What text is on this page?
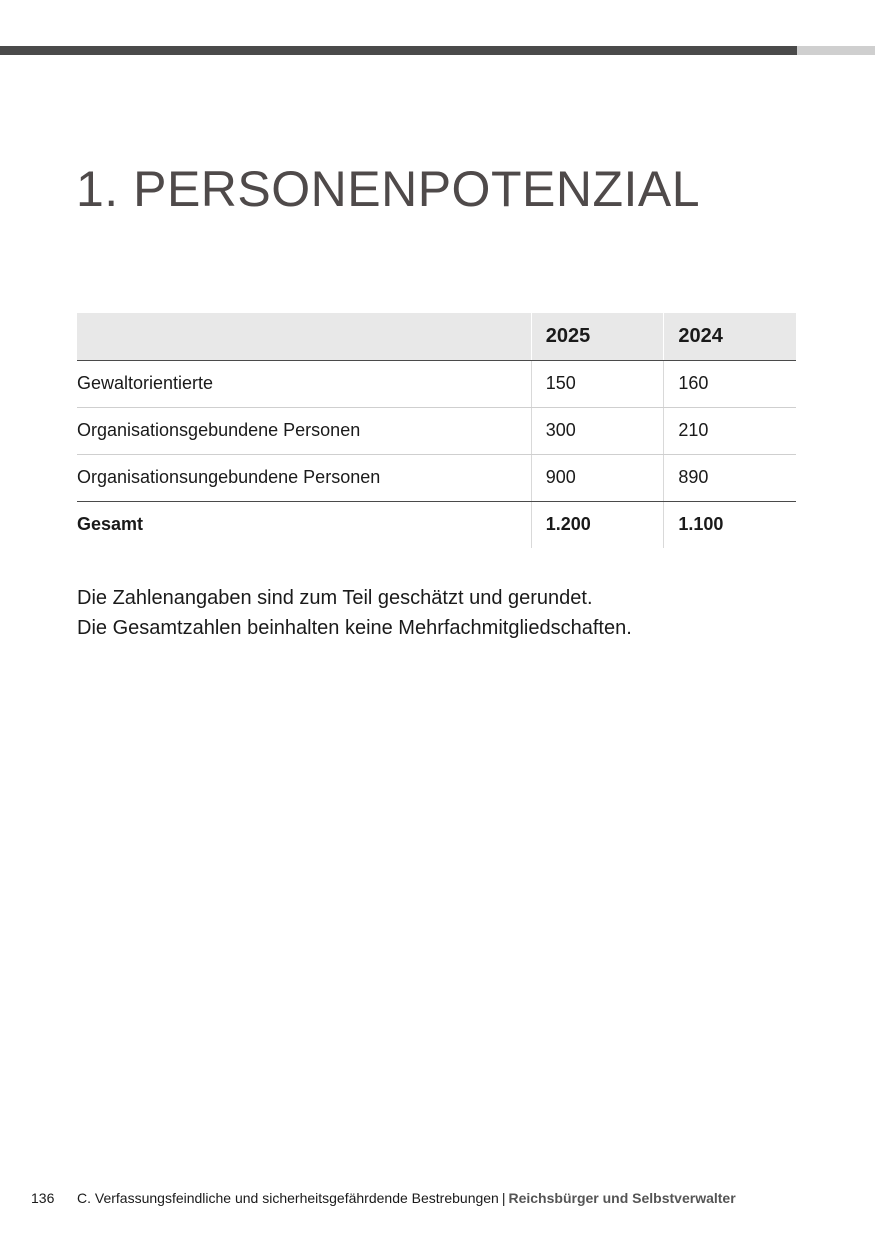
1. PERSONENPOTENZIAL
	2025	2024
Gewaltorientierte	150	160
Organisationsgebundene Personen	300	210
Organisationsungebundene Personen	900	890
Gesamt	1.200	1.100

Die Zahlenangaben sind zum Teil geschätzt und gerundet.

Die Gesamtzahlen beinhalten keine Mehrfachmitgliedschaften.

136 C. Verfassungsfeindliche und sicherheitsgefährdende Bestrebungen | Reichsbürger und Selbstverwalter
